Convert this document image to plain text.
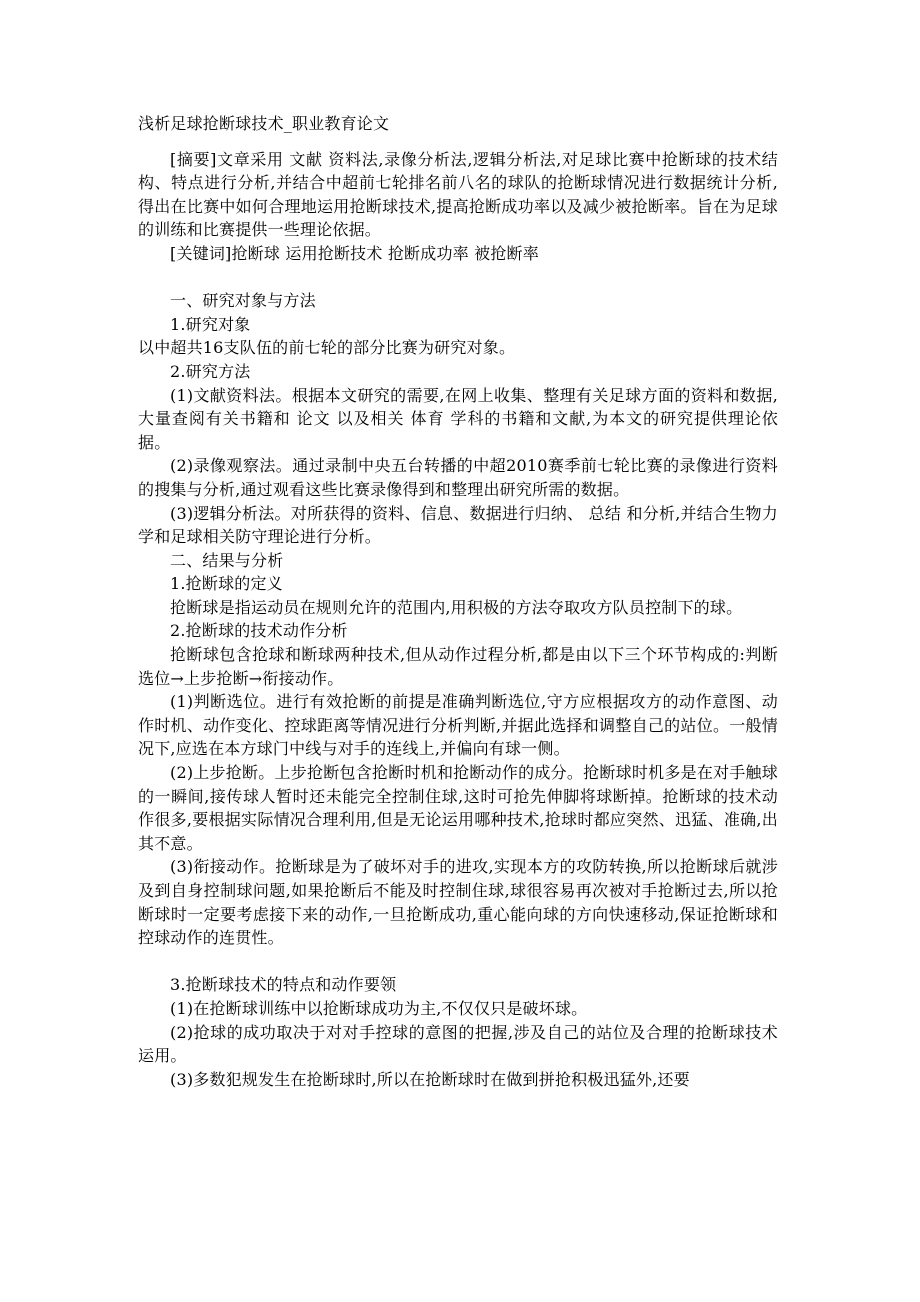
浅析足球抢断球技术_职业教育论文

[摘要]文章采用 文献 资料法,录像分析法,逻辑分析法,对足球比赛中抢断球的技术结构、特点进行分析,并结合中超前七轮排名前八名的球队的抢断球情况进行数据统计分析,得出在比赛中如何合理地运用抢断球技术,提高抢断成功率以及减少被抢断率。旨在为足球的训练和比赛提供一些理论依据。

[关键词]抢断球 运用抢断技术 抢断成功率 被抢断率

一、研究对象与方法

1.研究对象

以中超共16支队伍的前七轮的部分比赛为研究对象。

2.研究方法

(1)文献资料法。根据本文研究的需要,在网上收集、整理有关足球方面的资料和数据,大量查阅有关书籍和 论文 以及相关 体育 学科的书籍和文献,为本文的研究提供理论依据。

(2)录像观察法。通过录制中央五台转播的中超2010赛季前七轮比赛的录像进行资料的搜集与分析,通过观看这些比赛录像得到和整理出研究所需的数据。

(3)逻辑分析法。对所获得的资料、信息、数据进行归纳、 总结 和分析,并结合生物力学和足球相关防守理论进行分析。

二、结果与分析

1.抢断球的定义

抢断球是指运动员在规则允许的范围内,用积极的方法夺取攻方队员控制下的球。

2.抢断球的技术动作分析

抢断球包含抢球和断球两种技术,但从动作过程分析,都是由以下三个环节构成的:判断选位→上步抢断→衔接动作。

(1)判断选位。进行有效抢断的前提是准确判断选位,守方应根据攻方的动作意图、动作时机、动作变化、控球距离等情况进行分析判断,并据此选择和调整自己的站位。一般情况下,应选在本方球门中线与对手的连线上,并偏向有球一侧。

(2)上步抢断。上步抢断包含抢断时机和抢断动作的成分。抢断球时机多是在对手触球的一瞬间,接传球人暂时还未能完全控制住球,这时可抢先伸脚将球断掉。抢断球的技术动作很多,要根据实际情况合理利用,但是无论运用哪种技术,抢球时都应突然、迅猛、准确,出其不意。

(3)衔接动作。抢断球是为了破坏对手的进攻,实现本方的攻防转换,所以抢断球后就涉及到自身控制球问题,如果抢断后不能及时控制住球,球很容易再次被对手抢断过去,所以抢断球时一定要考虑接下来的动作,一旦抢断成功,重心能向球的方向快速移动,保证抢断球和控球动作的连贯性。

3.抢断球技术的特点和动作要领

(1)在抢断球训练中以抢断球成功为主,不仅仅只是破坏球。

(2)抢球的成功取决于对对手控球的意图的把握,涉及自己的站位及合理的抢断球技术运用。

(3)多数犯规发生在抢断球时,所以在抢断球时在做到拼抢积极迅猛外,还要
